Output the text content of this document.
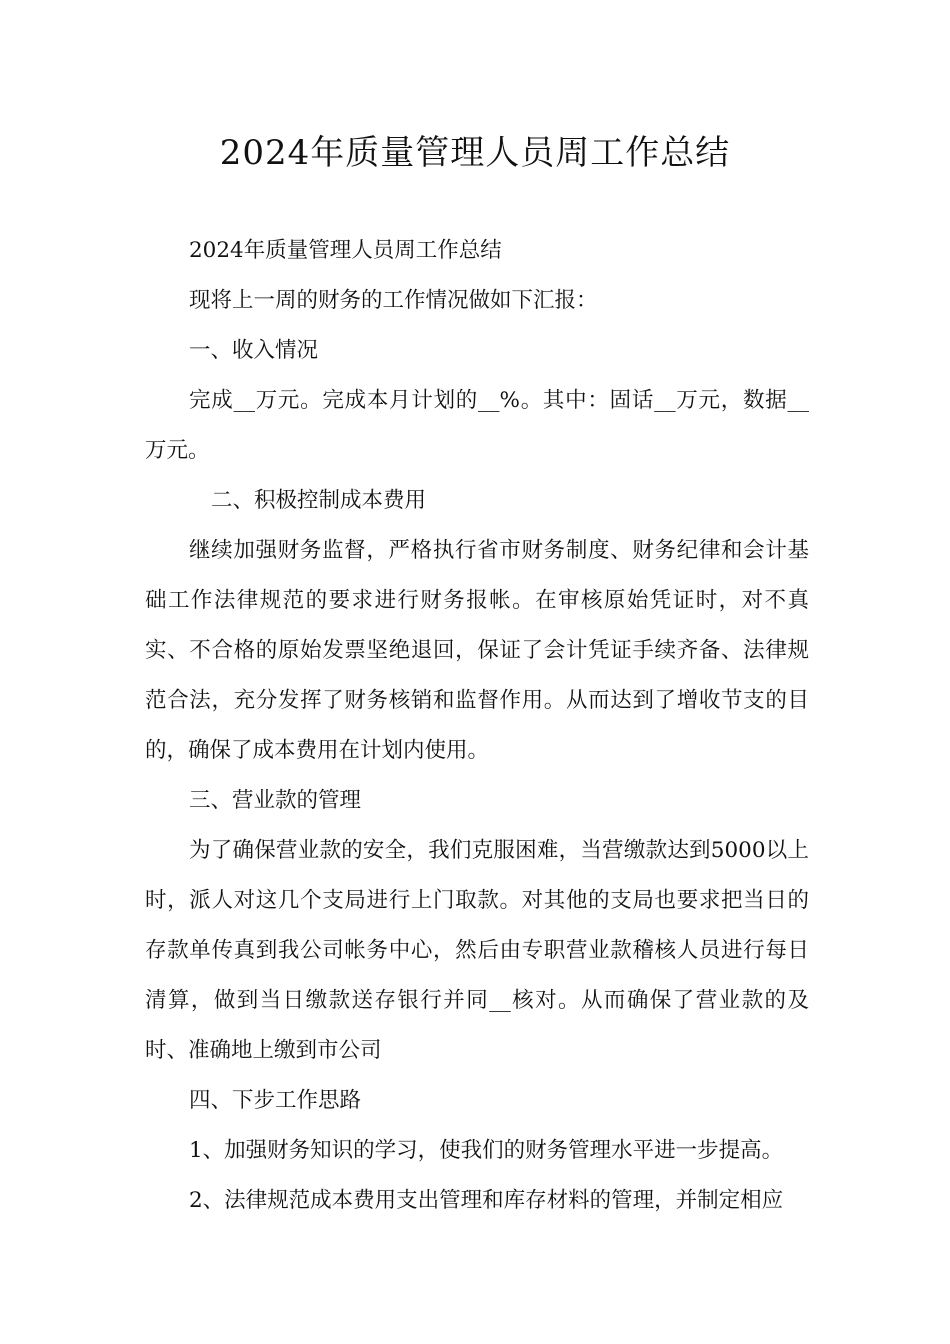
2024年质量管理人员周工作总结

2024年质量管理人员周工作总结

现将上一周的财务的工作情况做如下汇报：

一、收入情况

完成__万元。完成本月计划的__%。其中：固话__万元，数据__万元。

二、积极控制成本费用

继续加强财务监督，严格执行省市财务制度、财务纪律和会计基础工作法律规范的要求进行财务报帐。在审核原始凭证时，对不真实、不合格的原始发票坚绝退回，保证了会计凭证手续齐备、法律规范合法，充分发挥了财务核销和监督作用。从而达到了增收节支的目的，确保了成本费用在计划内使用。

三、营业款的管理

为了确保营业款的安全，我们克服困难，当营缴款达到5000以上时，派人对这几个支局进行上门取款。对其他的支局也要求把当日的存款单传真到我公司帐务中心，然后由专职营业款稽核人员进行每日清算，做到当日缴款送存银行并同__核对。从而确保了营业款的及时、准确地上缴到市公司

四、下步工作思路

1、加强财务知识的学习，使我们的财务管理水平进一步提高。

2、法律规范成本费用支出管理和库存材料的管理，并制定相应
